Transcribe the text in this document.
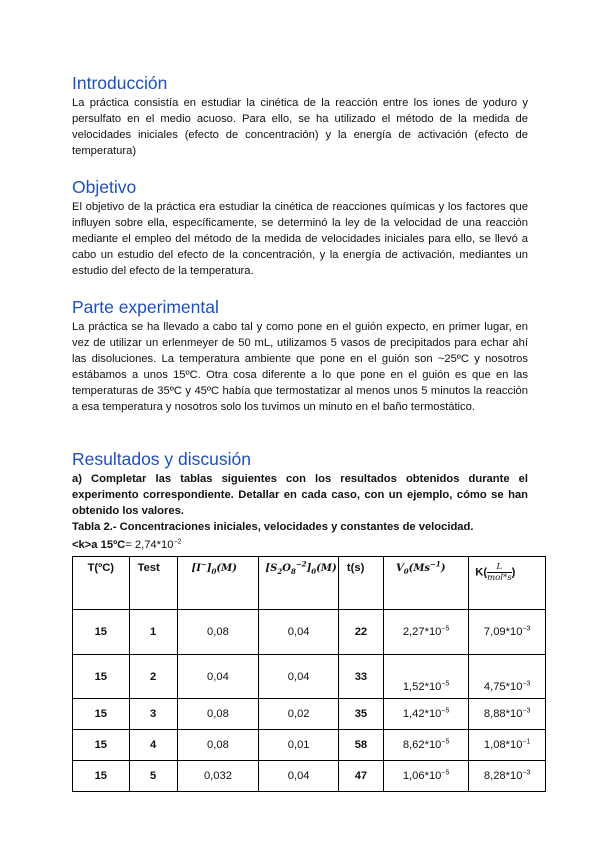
Introducción

La práctica consistía en estudiar la cinética de la reacción entre los iones de yoduro y persulfato en el medio acuoso. Para ello, se ha utilizado el método de la medida de velocidades iniciales (efecto de concentración) y la energía de activación (efecto de temperatura)

Objetivo

El objetivo de la práctica era estudiar la cinética de reacciones químicas y los factores que influyen sobre ella, específicamente, se determinó la ley de la velocidad de una reacción mediante el empleo del método de la medida de velocidades iniciales para ello, se llevó a cabo un estudio del efecto de la concentración, y la energía de activación, mediantes un estudio del efecto de la temperatura.

Parte experimental

La práctica se ha llevado a cabo tal y como pone en el guión expecto, en primer lugar, en vez de utilizar un erlenmeyer de 50 mL, utilizamos 5 vasos de precipitados para echar ahí las disoluciones. La temperatura ambiente que pone en el guión son ~25ºC y nosotros estábamos a unos 15ºC. Otra cosa diferente a lo que pone en el guión es que en las temperaturas de 35ºC y 45ºC había que termostatizar al menos unos 5 minutos la reacción a esa temperatura y nosotros solo los tuvimos un minuto en el baño termostático.

Resultados y discusión

a) Completar las tablas siguientes con los resultados obtenidos durante el experimento correspondiente. Detallar en cada caso, con un ejemplo, cómo se han obtenido los valores.

Tabla 2.- Concentraciones iniciales, velocidades y constantes de velocidad.

<k>a 15ºC= $2,74*10^{-2}$

T(ºC)	Test	$[I^-]_0(M)$	$[S_2O_8^{-2}]_0(M)$	t(s)	$V_0(Ms^{-1})$	$K( \frac{L}{\text{mol*s}}$ )
15	1	0,08	0,04	22	$2,27*10^{-5}$	$7,09*10^{-3}$
15	2	0,04	0,04	33	$1,52*10^{-5}$	$4,75*10^{-3}$
15	3	0,08	0,02	35	$1,42*10^{-5}$	$8,88*10^{-3}$
15	4	0,08	0,01	58	$8,62*10^{-5}$	$1,08*10^{-1}$
15	5	0,032	0,04	47	$1,06*10^{-5}$	$8,28*10^{-3}$
